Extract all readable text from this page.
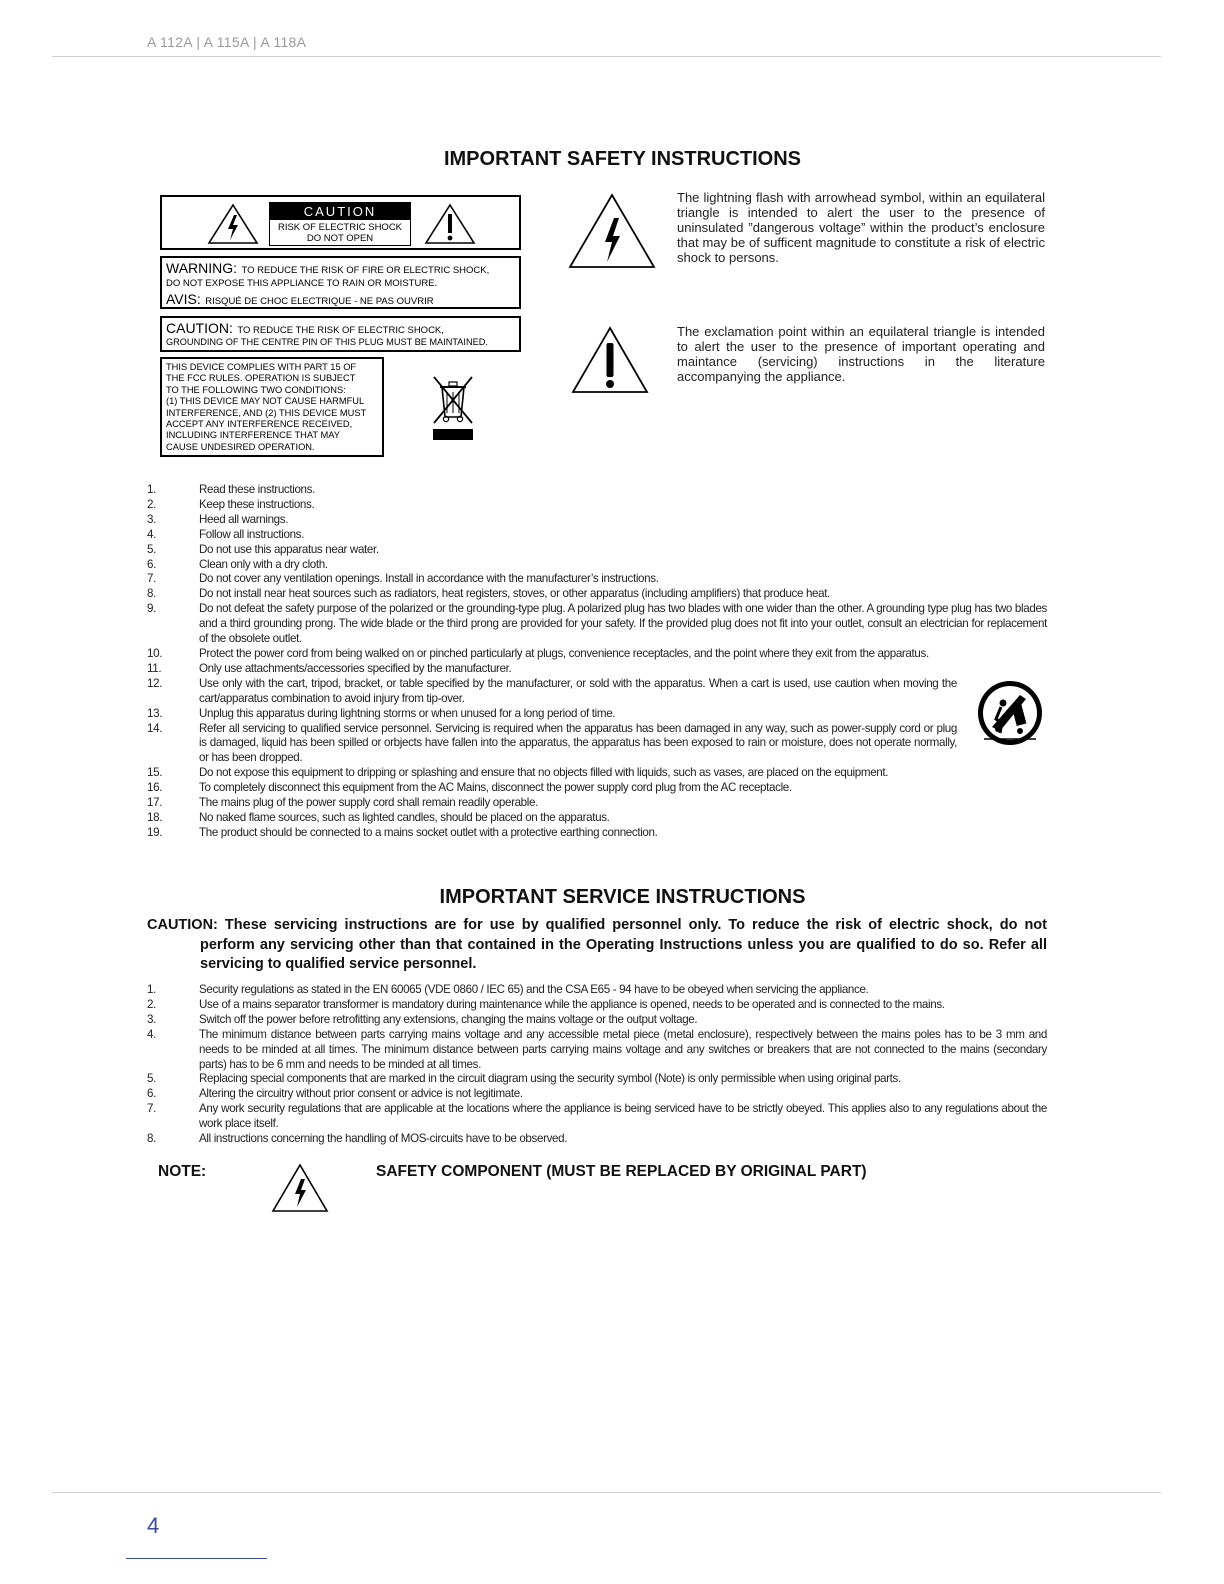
A 112A | A 115A | A 118A
IMPORTANT SAFETY INSTRUCTIONS
CAUTION
RISK OF ELECTRIC SHOCK
DO NOT OPEN
WARNING: TO REDUCE THE RISK OF FIRE OR ELECTRIC SHOCK,
DO NOT EXPOSE THIS APPLIANCE TO RAIN OR MOISTURE.
AVIS: RISQUÉ DE CHOC ELECTRIQUE - NE PAS OUVRIR
CAUTION: TO REDUCE THE RISK OF ELECTRIC SHOCK,
GROUNDING OF THE CENTRE PIN OF THIS PLUG MUST BE MAINTAINED.
THIS DEVICE COMPLIES WITH PART 15 OF
THE FCC RULES. OPERATION IS SUBJECT
TO THE FOLLOWING TWO CONDITIONS:
(1) THIS DEVICE MAY NOT CAUSE HARMFUL
INTERFERENCE, AND (2) THIS DEVICE MUST
ACCEPT ANY INTERFERENCE RECEIVED,
INCLUDING INTERFERENCE THAT MAY
CAUSE UNDESIRED OPERATION.
The lightning flash with arrowhead symbol, within an equilateral triangle is intended to alert the user to the presence of uninsulated ”dangerous voltage” within the product’s enclosure that may be of sufficent magnitude to constitute a risk of electric shock to persons.
The exclamation point within an equilateral triangle is intended to alert the user to the presence of important operating and maintance (servicing) instructions in the literature accompanying the appliance.
1.	Read these instructions.
2.	Keep these instructions.
3.	Heed all warnings.
4.	Follow all instructions.
5.	Do not use this apparatus near water.
6.	Clean only with a dry cloth.
7.	Do not cover any ventilation openings. Install in accordance with the manufacturer’s instructions.
8.	Do not install near heat sources such as radiators, heat registers, stoves, or other apparatus (including amplifiers) that produce heat.
9.	Do not defeat the safety purpose of the polarized or the grounding-type plug. A polarized plug has two blades with one wider than the other. A grounding type plug has two blades and a third grounding prong. The wide blade or the third prong are provided for your safety. If the provided plug does not fit into your outlet, consult an electrician for replacement of the obsolete outlet.
10.	Protect the power cord from being walked on or pinched particularly at plugs, convenience receptacles, and the point where they exit from the apparatus.
11.	Only use attachments/accessories specified by the manufacturer.
12.	Use only with the cart, tripod, bracket, or table specified by the manufacturer, or sold with the apparatus. When a cart is used, use caution when moving the cart/apparatus combination to avoid injury from tip-over.
13.	Unplug this apparatus during lightning storms or when unused for a long period of time.
14.	Refer all servicing to qualified service personnel. Servicing is required when the apparatus has been damaged in any way, such as power-supply cord or plug is damaged, liquid has been spilled or orbjects have fallen into the apparatus, the apparatus has been exposed to rain or moisture, does not operate normally, or has been dropped.
15.	Do not expose this equipment to dripping or splashing and ensure that no objects filled with liquids, such as vases, are placed on the equipment.
16.	To completely disconnect this equipment from the AC Mains, disconnect the power supply cord plug from the AC receptacle.
17.	The mains plug of the power supply cord shall remain readily operable.
18.	No naked flame sources, such as lighted candles, should be placed on the apparatus.
19.	The product should be connected to a mains socket outlet with a protective earthing connection.
IMPORTANT SERVICE INSTRUCTIONS
CAUTION: These servicing instructions are for use by qualified personnel only. To reduce the risk of electric shock, do not perform any servicing other than that contained in the Operating Instructions unless you are qualified to do so. Refer all servicing to qualified service personnel.
1.	Security regulations as stated in the EN 60065 (VDE 0860 / IEC 65) and the CSA E65 - 94 have to be obeyed when servicing the appliance.
2.	Use of a mains separator transformer is mandatory during maintenance while the appliance is opened, needs to be operated and is connected to the mains.
3.	Switch off the power before retrofitting any extensions, changing the mains voltage or the output voltage.
4.	The minimum distance between parts carrying mains voltage and any accessible metal piece (metal enclosure), respectively between the mains poles has to be 3 mm and needs to be minded at all times. The minimum distance between parts carrying mains voltage and any switches or breakers that are not connected to the mains (secondary parts) has to be 6 mm and needs to be minded at all times.
5.	Replacing special components that are marked in the circuit diagram using the security symbol (Note) is only permissible when using original parts.
6.	Altering the circuitry without prior consent or advice is not legitimate.
7.	Any work security regulations that are applicable at the locations where the appliance is being serviced have to be strictly obeyed. This applies also to any regulations about the work place itself.
8.	All instructions concerning the handling of MOS-circuits have to be observed.
NOTE:	SAFETY COMPONENT (MUST BE REPLACED BY ORIGINAL PART)
4
